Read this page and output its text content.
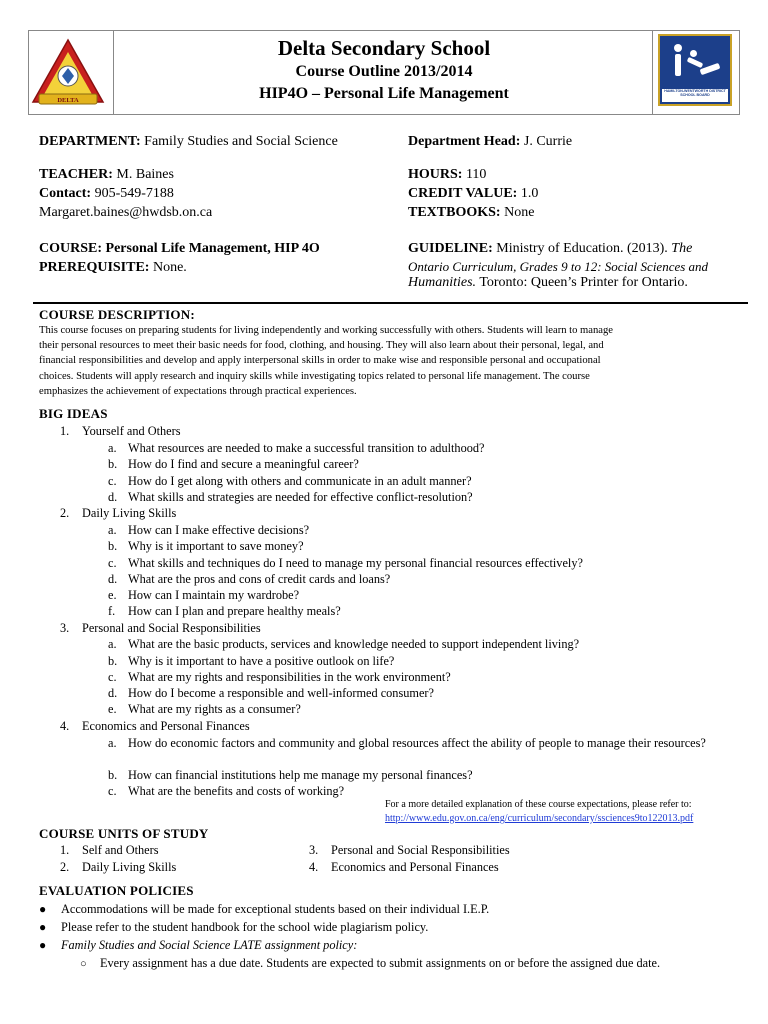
DELTA
HAMILTON-WENTWORTH DISTRICT SCHOOL BOARD
Delta Secondary School
Course Outline 2013/2014
HIP4O – Personal Life Management
DEPARTMENT: Family Studies and Social Science
TEACHER: M. Baines
Contact: 905-549-7188
Margaret.baines@hwdsb.on.ca
COURSE: Personal Life Management, HIP 4O
PREREQUISITE: None.
Department Head: J. Currie
HOURS: 110
CREDIT VALUE: 1.0
TEXTBOOKS: None
GUIDELINE: Ministry of Education. (2013). The
Ontario Curriculum, Grades 9 to 12: Social Sciences and
Humanities. Toronto: Queen’s Printer for Ontario.
COURSE DESCRIPTION:
This course focuses on preparing students for living independently and working successfully with others. Students will learn to manage
their personal resources to meet their basic needs for food, clothing, and housing. They will also learn about their personal, legal, and
financial responsibilities and develop and apply interpersonal skills in order to make wise and responsible personal and occupational
choices. Students will apply research and inquiry skills while investigating topics related to personal life management. The course
emphasizes the achievement of expectations through practical experiences.
BIG IDEAS
1. Yourself and Others
a. What resources are needed to make a successful transition to adulthood?
b. How do I find and secure a meaningful career?
c. How do I get along with others and communicate in an adult manner?
d. What skills and strategies are needed for effective conflict-resolution?
2. Daily Living Skills
a. How can I make effective decisions?
b. Why is it important to save money?
c. What skills and techniques do I need to manage my personal financial resources effectively?
d. What are the pros and cons of credit cards and loans?
e. How can I maintain my wardrobe?
f. How can I plan and prepare healthy meals?
3. Personal and Social Responsibilities
a. What are the basic products, services and knowledge needed to support independent living?
b. Why is it important to have a positive outlook on life?
c. What are my rights and responsibilities in the work environment?
d. How do I become a responsible and well-informed consumer?
e. What are my rights as a consumer?
4. Economics and Personal Finances
a. How do economic factors and community and global resources affect the ability of people to manage their resources?
b. How can financial institutions help me manage my personal finances?
c. What are the benefits and costs of working?
For a more detailed explanation of these course expectations, please refer to:
http://www.edu.gov.on.ca/eng/curriculum/secondary/ssciences9to122013.pdf
COURSE UNITS OF STUDY
1. Self and Others
2. Daily Living Skills
3. Personal and Social Responsibilities
4. Economics and Personal Finances
EVALUATION POLICIES
● Accommodations will be made for exceptional students based on their individual I.E.P.
● Please refer to the student handbook for the school wide plagiarism policy.
● Family Studies and Social Science LATE assignment policy:
○ Every assignment has a due date. Students are expected to submit assignments on or before the assigned due date.
